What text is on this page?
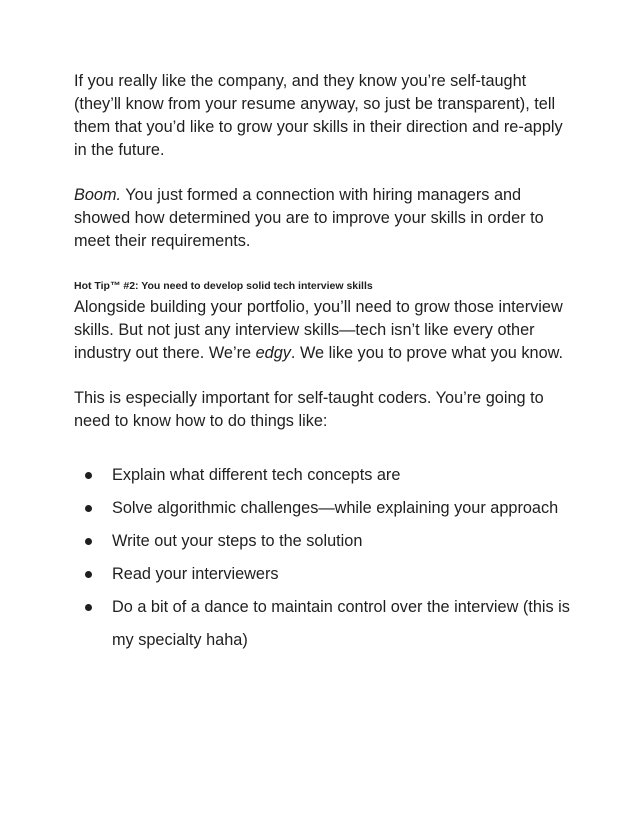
If you really like the company, and they know you’re self-taught (they’ll know from your resume anyway, so just be transparent), tell them that you’d like to grow your skills in their direction and re-apply in the future.

Boom. You just formed a connection with hiring managers and showed how determined you are to improve your skills in order to meet their requirements.

Hot Tip™ #2: You need to develop solid tech interview skills

Alongside building your portfolio, you’ll need to grow those interview skills. But not just any interview skills—tech isn’t like every other industry out there. We’re edgy. We like you to prove what you know.

This is especially important for self-taught coders. You’re going to need to know how to do things like:

Explain what different tech concepts are
Solve algorithmic challenges—while explaining your approach
Write out your steps to the solution
Read your interviewers
Do a bit of a dance to maintain control over the interview (this is my specialty haha)
